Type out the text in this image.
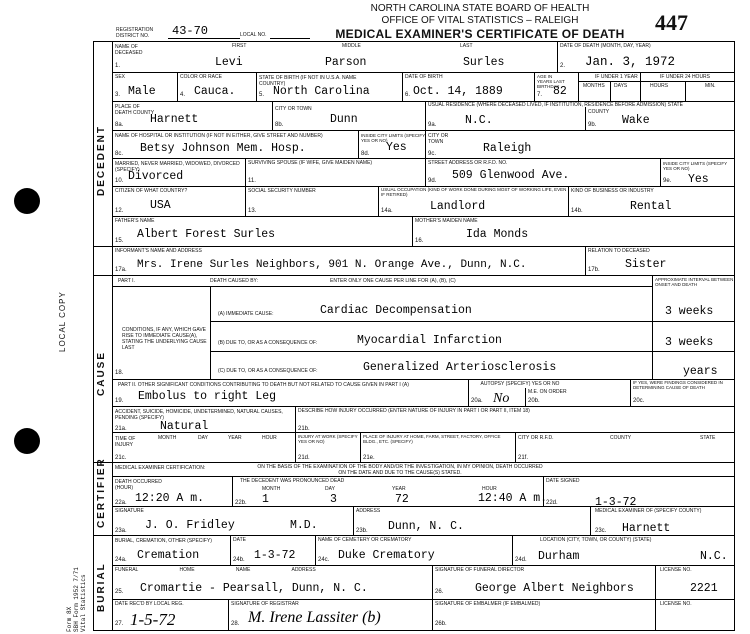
LOCAL COPY
Form 8X
SBH Form 1952 7/71
Vital Statistics
NORTH CAROLINA STATE BOARD OF HEALTH
OFFICE OF VITAL STATISTICS – RALEIGH
MEDICAL EXAMINER'S CERTIFICATE OF DEATH	447
REGISTRATION DISTRICT NO.	43-70	LOCAL NO.
DECEDENT
CAUSE
CERTIFIER
BURIAL
NAME OF DECEASED
FIRST	MIDDLE	LAST
1.	Levi	Parson	Surles
DATE OF DEATH (MONTH, DAY, YEAR)
2. Jan. 3, 1972
SEX
3. Male
COLOR OR RACE
4. Cauca.
STATE OF BIRTH (IF NOT IN U.S.A. NAME COUNTRY)
5. North Carolina
DATE OF BIRTH
6. Oct. 14, 1889
AGE IN YEARS LAST BIRTHDAY
7. 82
IF UNDER 1 YEAR
MONTHS DAYS
IF UNDER 24 HOURS
HOURS	MIN.
PLACE OF DEATH COUNTY
8a. Harnett
CITY OR TOWN
8b.	Dunn
USUAL RESIDENCE (WHERE DECEASED LIVED, IF INSTITUTION, RESIDENCE BEFORE ADMISSION) STATE
9a. N.C.
COUNTY
9b. Wake
NAME OF HOSPITAL OR INSTITUTION (IF NOT IN EITHER, GIVE STREET AND NUMBER)
8c. Betsy Johnson Mem. Hosp.
INSIDE CITY LIMITS (SPECIFY YES OR NO)
8d. Yes
CITY OR TOWN
9c.	Raleigh
MARRIED, NEVER MARRIED, WIDOWED, DIVORCED (SPECIFY)
10. Divorced
SURVIVING SPOUSE (IF WIFE, GIVE MAIDEN NAME)
11.
STREET ADDRESS OR R.F.D. NO.
9d. 509 Glenwood Ave.
INSIDE CITY LIMITS (SPECIFY YES OR NO)
9e. Yes
CITIZEN OF WHAT COUNTRY?
12. USA
SOCIAL SECURITY NUMBER
13.
USUAL OCCUPATION (KIND OF WORK DONE DURING MOST OF WORKING LIFE, EVEN IF RETIRED)
14a.	Landlord
KIND OF BUSINESS OR INDUSTRY
14b.	Rental
FATHER'S NAME
15. Albert Forest Surles
MOTHER'S MAIDEN NAME
16.	Ida Monds
INFORMANT'S NAME AND ADDRESS
17a. Mrs. Irene Surles Neighbors, 901 N. Orange Ave., Dunn, N.C.
RELATION TO DECEASED
17b. Sister
PART I.	DEATH CAUSED BY:	ENTER ONLY ONE CAUSE PER LINE FOR (A), (B), (C)	APPROXIMATE INTERVAL BETWEEN ONSET AND DEATH
(A) IMMEDIATE CAUSE:	Cardiac Decompensation	3 weeks
CONDITIONS, IF ANY, WHICH GAVE RISE TO IMMEDIATE CAUSE(A), STATING THE UNDERLYING CAUSE LAST
(B) DUE TO, OR AS A CONSEQUENCE OF:	Myocardial Infarction	3 weeks
18.	(C) DUE TO, OR AS A CONSEQUENCE OF:	Generalized Arteriosclerosis	years
PART II. OTHER SIGNIFICANT CONDITIONS CONTRIBUTING TO DEATH BUT NOT RELATED TO CAUSE GIVEN IN PART I (A)
19. Embolus to right Leg
AUTOPSY (SPECIFY) YES OR NO
20a. No	M.E. ON ORDER
20b.
IF YES, WERE FINDINGS CONSIDERED IN DETERMINING CAUSE OF DEATH
20c.
ACCIDENT, SUICIDE, HOMICIDE, UNDETERMINED, NATURAL CAUSES, PENDING (SPECIFY)
Natural
21a.
DESCRIBE HOW INJURY OCCURRED (ENTER NATURE OF INJURY IN PART I OR PART II, ITEM 18)
21b.
TIME OF INJURY
MONTH	DAY	YEAR	HOUR
21c.
INJURY AT WORK (SPECIFY YES OR NO)
21d.
PLACE OF INJURY AT HOME, FARM, STREET, FACTORY, OFFICE BLDG., ETC. (SPECIFY)
21e.
CITY OR R.F.D.	COUNTY	STATE
21f.
MEDICAL EXAMINER CERTIFICATION:	ON THE BASIS OF THE EXAMINATION OF THE BODY AND/OR THE INVESTIGATION, IN MY OPINION, DEATH OCCURRED ON THE DATE AND DUE TO THE CAUSE(S) STATED.
DEATH OCCURRED (HOUR)
22a. 12:20 A m.
THE DECEDENT WAS PRONOUNCED DEAD
MONTH	DAY	YEAR	HOUR
22b. 1	3	72	12:40 A m.
DATE SIGNED
22d.	1-3-72
SIGNATURE
23a. J. O. Fridley	M.D.
ADDRESS
23b. Dunn, N. C.
MEDICAL EXAMINER OF (SPECIFY COUNTY)
23c. Harnett
BURIAL, CREMATION, OTHER (SPECIFY)
24a. Cremation
DATE
24b. 1-3-72
NAME OF CEMETERY OR CREMATORY
24c. Duke Crematory
LOCATION (CITY, TOWN, OR COUNTY) (STATE)
24d. Durham	N.C.
FUNERAL HOME NAME ADDRESS
25. Cromartie - Pearsall, Dunn, N. C.
SIGNATURE OF FUNERAL DIRECTOR
26.	George Albert Neighbors
LICENSE NO.
2221
DATE REC'D BY LOCAL REG.
27. 1-5-72
SIGNATURE OF REGISTRAR
28. M. Irene Lassiter (b)
SIGNATURE OF EMBALMER (IF EMBALMED)
26b.
LICENSE NO.
